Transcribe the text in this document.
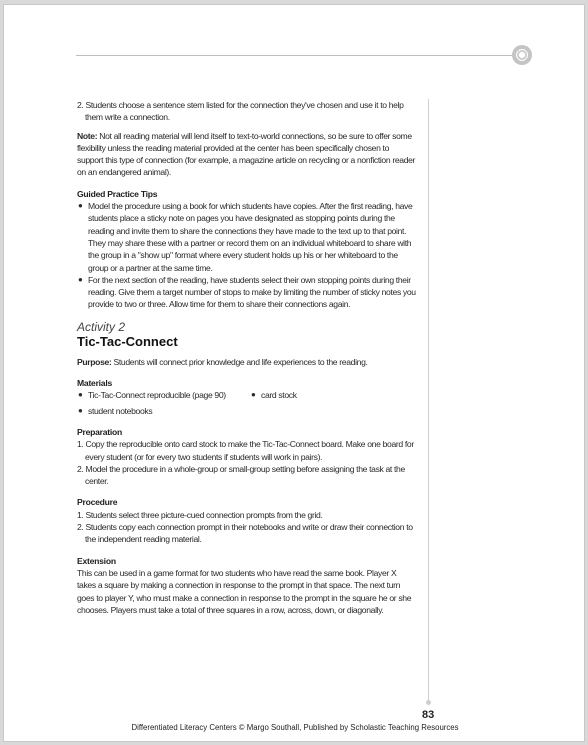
2. Students choose a sentence stem listed for the connection they've chosen and use it to help them write a connection.

Note: Not all reading material will lend itself to text-to-world connections, so be sure to offer some flexibility unless the reading material provided at the center has been specifically chosen to support this type of connection (for example, a magazine article on recycling or a nonfiction reader on an endangered animal).

Guided Practice Tips

● Model the procedure using a book for which students have copies. After the first reading, have students place a sticky note on pages you have designated as stopping points during the reading and invite them to share the connections they have made to the text up to that point. They may share these with a partner or record them on an individual whiteboard to share with the group in a "show up" format where every student holds up his or her whiteboard to the group or a partner at the same time.

● For the next section of the reading, have students select their own stopping points during their reading. Give them a target number of stops to make by limiting the number of sticky notes you provide to two or three. Allow time for them to share their connections again.

Activity 2

Tic-Tac-Connect

Purpose: Students will connect prior knowledge and life experiences to the reading.

Materials

● Tic-Tac-Connect reproducible (page 90)	● card stock

● student notebooks

Preparation

1. Copy the reproducible onto card stock to make the Tic-Tac-Connect board. Make one board for every student (or for every two students if students will work in pairs).

2. Model the procedure in a whole-group or small-group setting before assigning the task at the center.

Procedure

1. Students select three picture-cued connection prompts from the grid.

2. Students copy each connection prompt in their notebooks and write or draw their connection to the independent reading material.

Extension

This can be used in a game format for two students who have read the same book. Player X takes a square by making a connection in response to the prompt in that space. The next turn goes to player Y, who must make a connection in response to the prompt in the square he or she chooses. Players must take a total of three squares in a row, across, down, or diagonally.

83
Differentiated Literacy Centers © Margo Southall, Published by Scholastic Teaching Resources
